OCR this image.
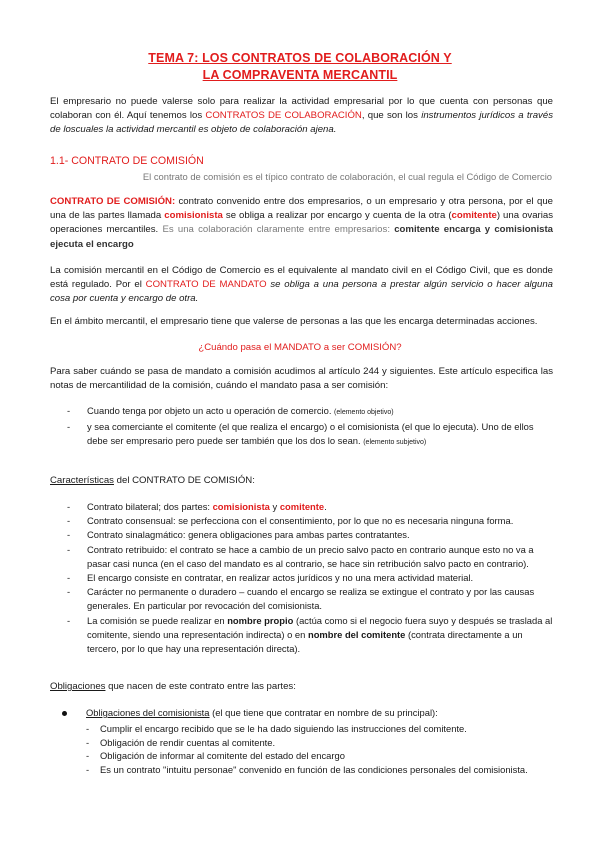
TEMA 7: LOS CONTRATOS DE COLABORACIÓN Y
LA COMPRAVENTA MERCANTIL
El empresario no puede valerse solo para realizar la actividad empresarial por lo que cuenta con personas que colaboran con él. Aquí tenemos los CONTRATOS DE COLABORACIÓN, que son los instrumentos jurídicos a través de loscuales la actividad mercantil es objeto de colaboración ajena.
1.1- CONTRATO DE COMISIÓN
El contrato de comisión es el típico contrato de colaboración, el cual regula el Código de Comercio
CONTRATO DE COMISIÓN: contrato convenido entre dos empresarios, o un empresario y otra persona, por el que una de las partes llamada comisionista se obliga a realizar por encargo y cuenta de la otra (comitente) una ovarias operaciones mercantiles. Es una colaboración claramente entre empresarios: comitente encarga y comisionista ejecuta el encargo
La comisión mercantil en el Código de Comercio es el equivalente al mandato civil en el Código Civil, que es donde está regulado. Por el CONTRATO DE MANDATO se obliga a una persona a prestar algún servicio o hacer alguna cosa por cuenta y encargo de otra.
En el ámbito mercantil, el empresario tiene que valerse de personas a las que les encarga determinadas acciones.
¿Cuándo pasa el MANDATO a ser COMISIÓN?
Para saber cuándo se pasa de mandato a comisión acudimos al artículo 244 y siguientes. Este artículo especifica las notas de mercantilidad de la comisión, cuándo el mandato pasa a ser comisión:
- Cuando tenga por objeto un acto u operación de comercio. (elemento objetivo)
- y sea comerciante el comitente (el que realiza el encargo) o el comisionista (el que lo ejecuta). Uno de ellos debe ser empresario pero puede ser también que los dos lo sean. (elemento subjetivo)
Características del CONTRATO DE COMISIÓN:
- Contrato bilateral; dos partes: comisionista y comitente.
- Contrato consensual: se perfecciona con el consentimiento, por lo que no es necesaria ninguna forma.
- Contrato sinalagmático: genera obligaciones para ambas partes contratantes.
- Contrato retribuido: el contrato se hace a cambio de un precio salvo pacto en contrario aunque esto no va a pasar casi nunca (en el caso del mandato es al contrario, se hace sin retribución salvo pacto en contrario).
- El encargo consiste en contratar, en realizar actos jurídicos y no una mera actividad material.
- Carácter no permanente o duradero – cuando el encargo se realiza se extingue el contrato y por las causas generales. En particular por revocación del comisionista.
- La comisión se puede realizar en nombre propio (actúa como si el negocio fuera suyo y después se traslada al comitente, siendo una representación indirecta) o en nombre del comitente (contrata directamente a un tercero, por lo que hay una representación directa).
Obligaciones que nacen de este contrato entre las partes:
Obligaciones del comisionista (el que tiene que contratar en nombre de su principal):
- Cumplir el encargo recibido que se le ha dado siguiendo las instrucciones del comitente.
- Obligación de rendir cuentas al comitente.
- Obligación de informar al comitente del estado del encargo
- Es un contrato "intuitu personae" convenido en función de las condiciones personales del comisionista.
